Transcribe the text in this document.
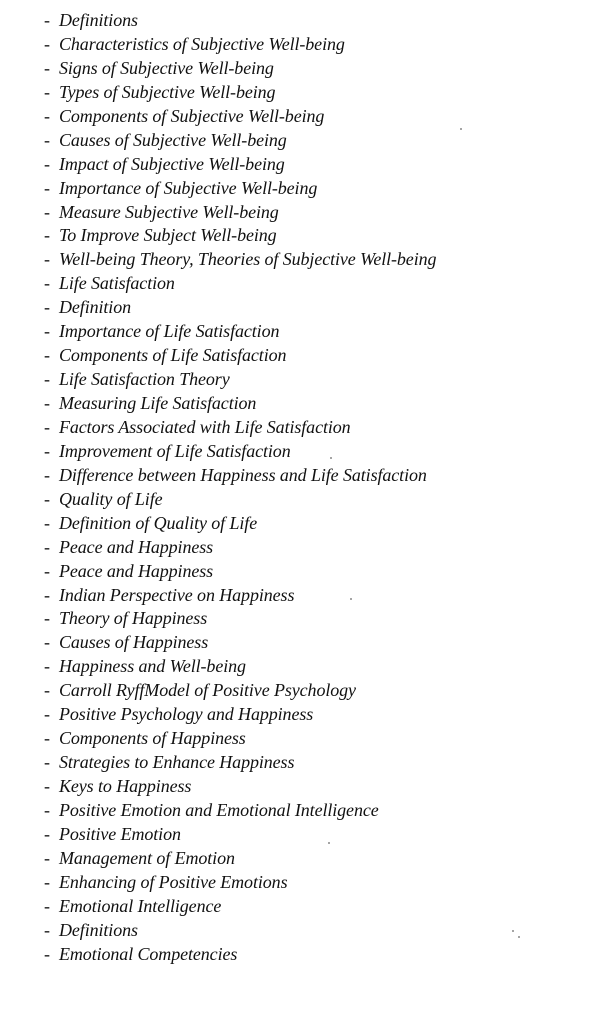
- Definitions
- Characteristics of Subjective Well-being
- Signs of Subjective Well-being
- Types of Subjective Well-being
- Components of Subjective Well-being
- Causes of Subjective Well-being
- Impact of Subjective Well-being
- Importance of Subjective Well-being
- Measure Subjective Well-being
- To Improve Subject Well-being
- Well-being Theory, Theories of Subjective Well-being
- Life Satisfaction
- Definition
- Importance of Life Satisfaction
- Components of Life Satisfaction
- Life Satisfaction Theory
- Measuring Life Satisfaction
- Factors Associated with Life Satisfaction
- Improvement of Life Satisfaction
- Difference between Happiness and Life Satisfaction
- Quality of Life
- Definition of Quality of Life
- Peace and Happiness
- Peace and Happiness
- Indian Perspective on Happiness
- Theory of Happiness
- Causes of Happiness
- Happiness and Well-being
- Carroll RyffModel of Positive Psychology
- Positive Psychology and Happiness
- Components of Happiness
- Strategies to Enhance Happiness
- Keys to Happiness
- Positive Emotion and Emotional Intelligence
- Positive Emotion
- Management of Emotion
- Enhancing of Positive Emotions
- Emotional Intelligence
- Definitions
- Emotional Competencies
